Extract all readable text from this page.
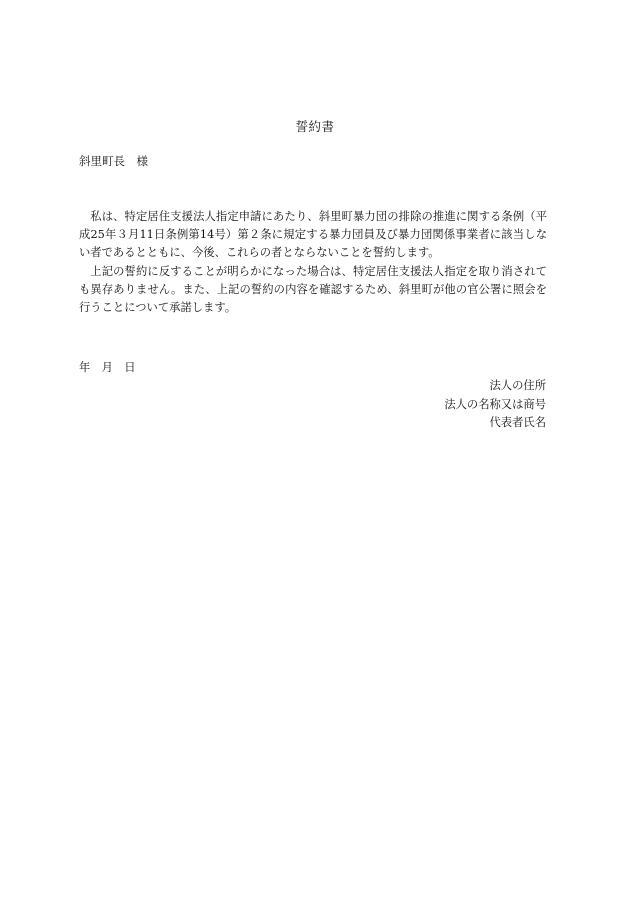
誓約書
斜里町長　様

私は、特定居住支援法人指定申請にあたり、斜里町暴力団の排除の推進に関する条例（平成25年３月11日条例第14号）第２条に規定する暴力団員及び暴力団関係事業者に該当しない者であるとともに、今後、これらの者とならないことを誓約します。

上記の誓約に反することが明らかになった場合は、特定居住支援法人指定を取り消されても異存ありません。また、上記の誓約の内容を確認するため、斜里町が他の官公署に照会を行うことについて承諾します。

年　月　日
法人の住所
法人の名称又は商号
代表者氏名
